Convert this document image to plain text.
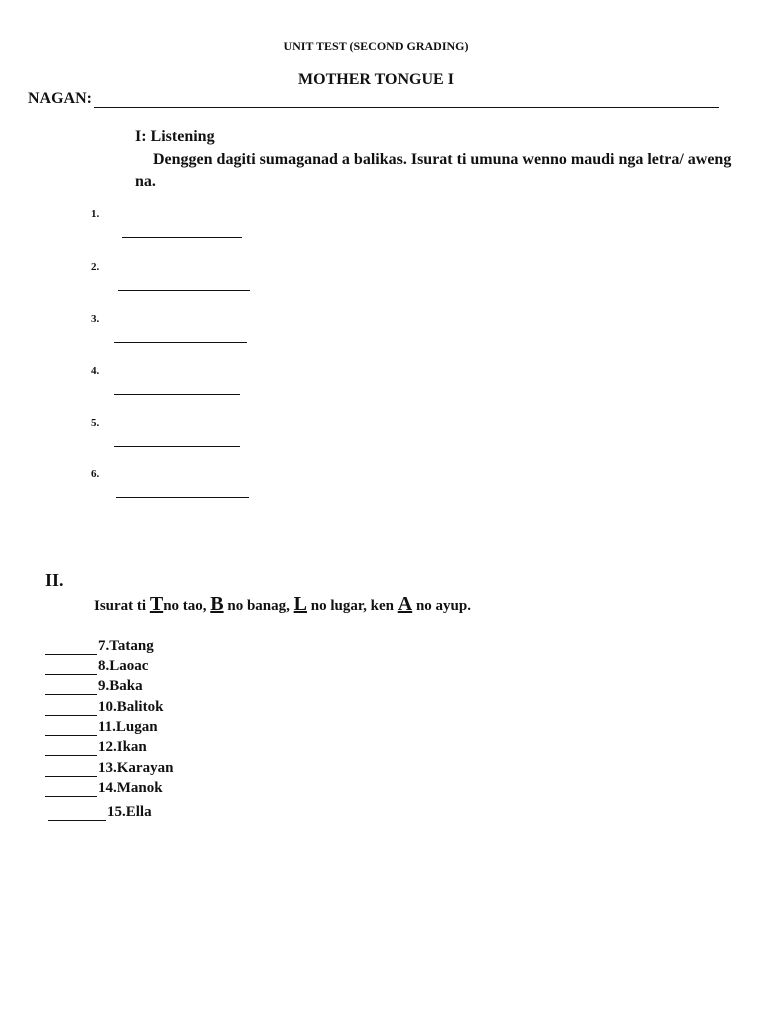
UNIT TEST (SECOND GRADING)
MOTHER TONGUE I
NAGAN:
I: Listening
Denggen dagiti sumaganad a balikas. Isurat ti umuna wenno maudi nga letra/ aweng na.
1.
2.
3.
4.
5.
6.
II.
Isurat ti Tno tao, B no banag, L no lugar, ken A no ayup.
7.Tatang
8.Laoac
9.Baka
10.Balitok
11.Lugan
12.Ikan
13.Karayan
14.Manok
15.Ella
